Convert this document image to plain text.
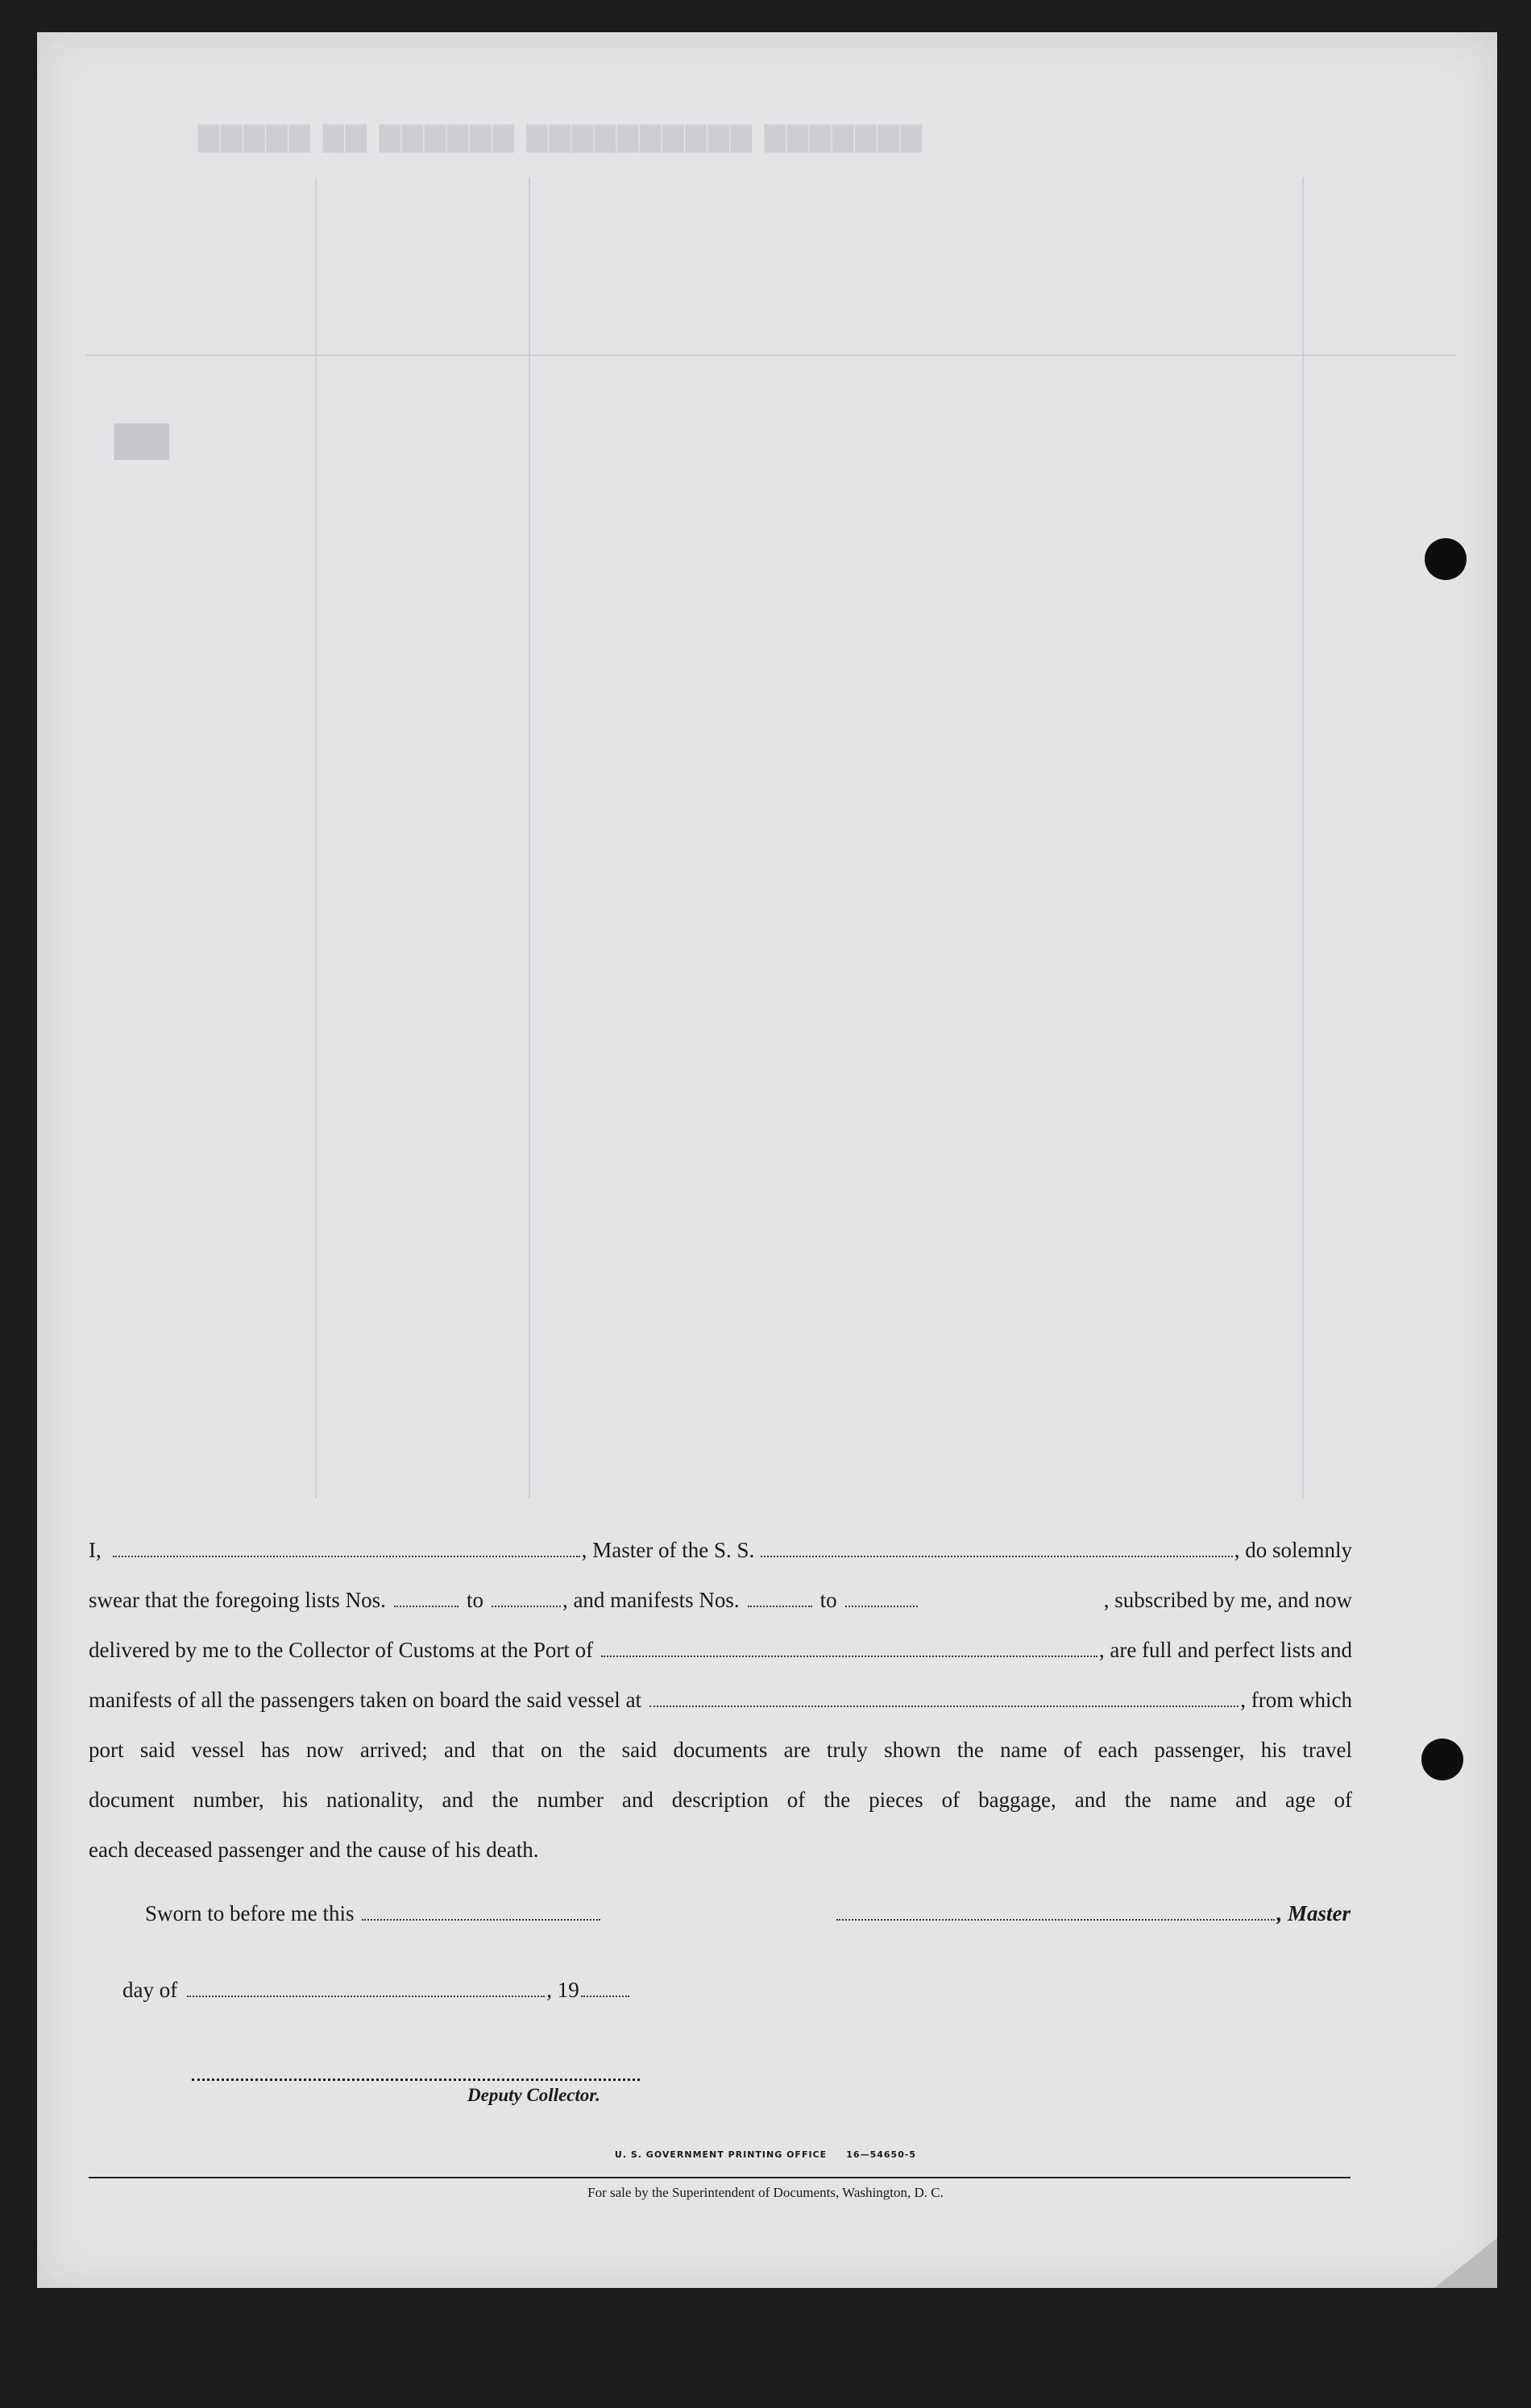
▇▇▇▇▇ ▇▇ ▇▇▇▇▇▇ ▇▇▇▇▇▇▇▇▇▇ ▇▇▇▇▇▇▇
▇▇
I,	, Master of the S. S.	, do solemnly
swear that the foregoing lists Nos.	to	, and manifests Nos.	to	, subscribed by me, and now
delivered by me to the Collector of Customs at the Port of	, are full and perfect lists and
manifests of all the passengers taken on board the said vessel at	, from which
port said vessel has now arrived; and that on the said documents are truly shown the name of each passenger, his travel
document number, his nationality, and the number and description of the pieces of baggage, and the name and age of
each deceased passenger and the cause of his death.
Sworn to before me this	, Master
day of	, 19
Deputy Collector.
U. S. GOVERNMENT PRINTING OFFICE     16—54650-5
For sale by the Superintendent of Documents, Washington, D. C.
